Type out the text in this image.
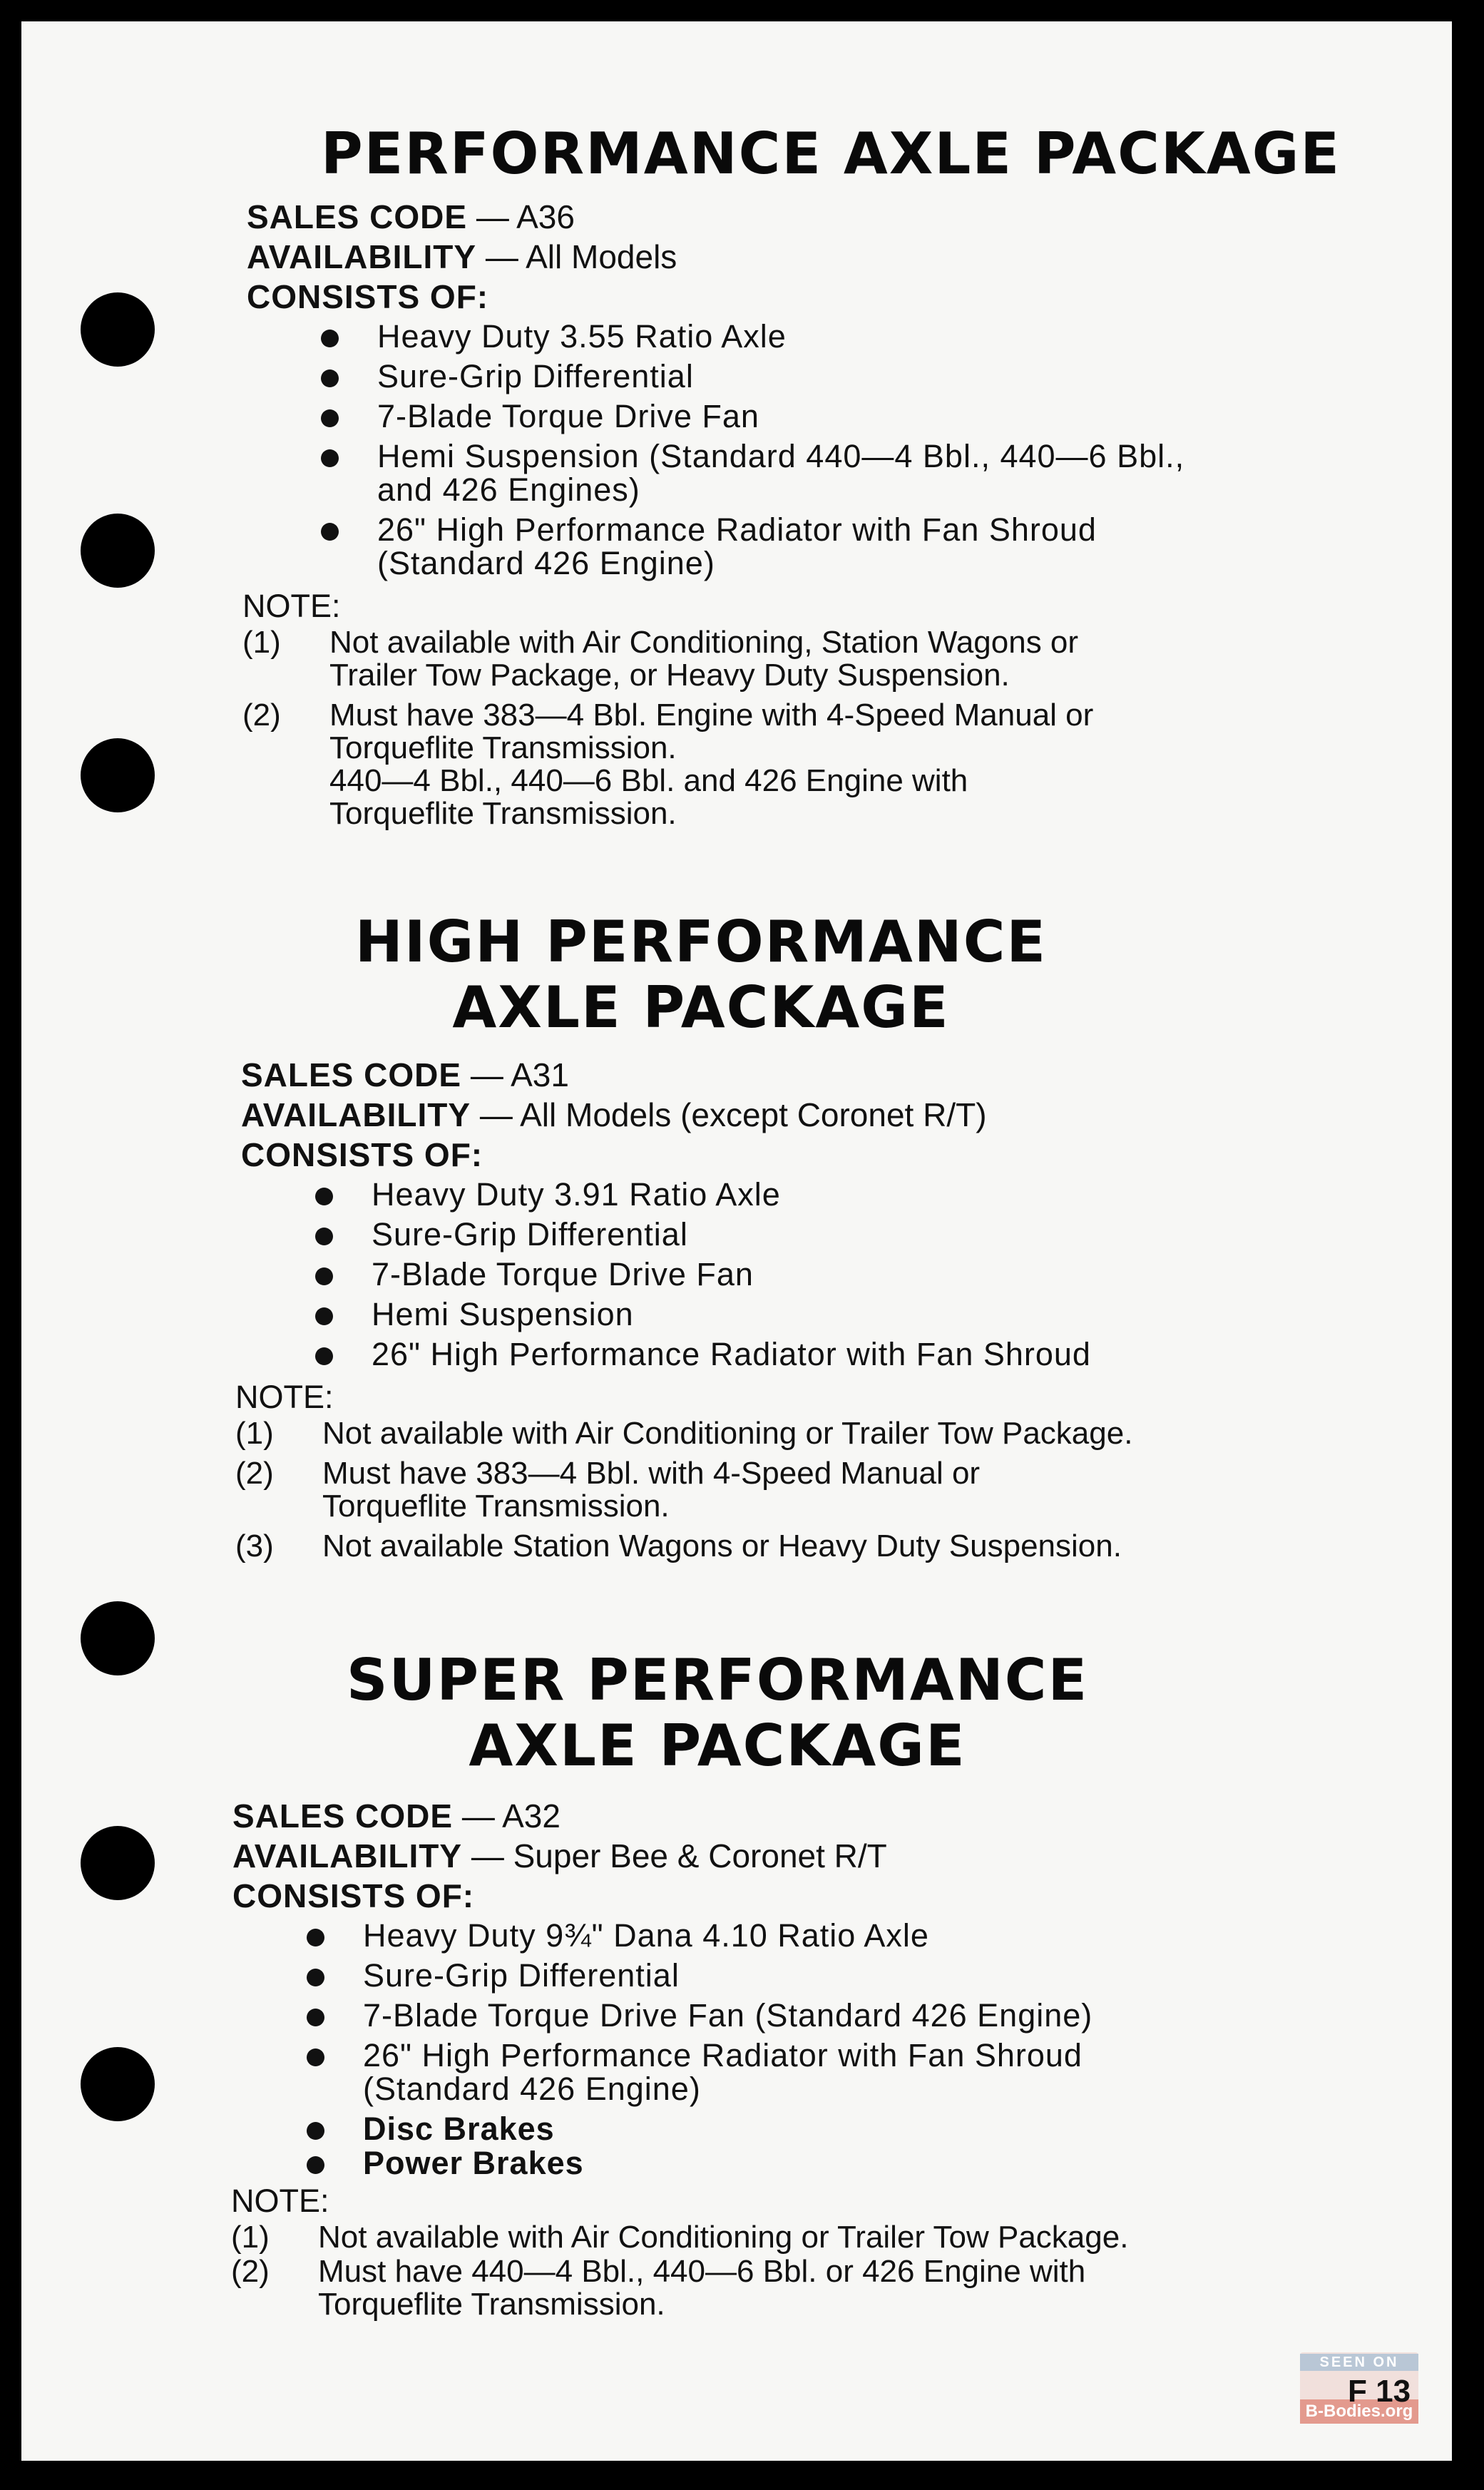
PERFORMANCE AXLE PACKAGE
SALES CODE — A36
AVAILABILITY — All Models
CONSISTS OF:
Heavy Duty 3.55 Ratio Axle
Sure-Grip Differential
7-Blade Torque Drive Fan
Hemi Suspension (Standard 440—4 Bbl., 440—6 Bbl., and 426 Engines)
26" High Performance Radiator with Fan Shroud (Standard 426 Engine)
NOTE:
(1)	Not available with Air Conditioning, Station Wagons or Trailer Tow Package, or Heavy Duty Suspension.
(2)	Must have 383—4 Bbl. Engine with 4-Speed Manual or Torqueflite Transmission.
440—4 Bbl., 440—6 Bbl. and 426 Engine with Torqueflite Transmission.
HIGH PERFORMANCE
AXLE PACKAGE
SALES CODE — A31
AVAILABILITY — All Models (except Coronet R/T)
CONSISTS OF:
Heavy Duty 3.91 Ratio Axle
Sure-Grip Differential
7-Blade Torque Drive Fan
Hemi Suspension
26" High Performance Radiator with Fan Shroud
NOTE:
(1)	Not available with Air Conditioning or Trailer Tow Package.
(2)	Must have 383—4 Bbl. with 4-Speed Manual or Torqueflite Transmission.
(3)	Not available Station Wagons or Heavy Duty Suspension.
SUPER PERFORMANCE
AXLE PACKAGE
SALES CODE — A32
AVAILABILITY — Super Bee & Coronet R/T
CONSISTS OF:
Heavy Duty 9¾" Dana 4.10 Ratio Axle
Sure-Grip Differential
7-Blade Torque Drive Fan (Standard 426 Engine)
26" High Performance Radiator with Fan Shroud (Standard 426 Engine)
Disc Brakes
Power Brakes
NOTE:
(1)	Not available with Air Conditioning or Trailer Tow Package.
(2)	Must have 440—4 Bbl., 440—6 Bbl. or 426 Engine with Torqueflite Transmission.
SEEN ON
B-Bodies.org
F 13
